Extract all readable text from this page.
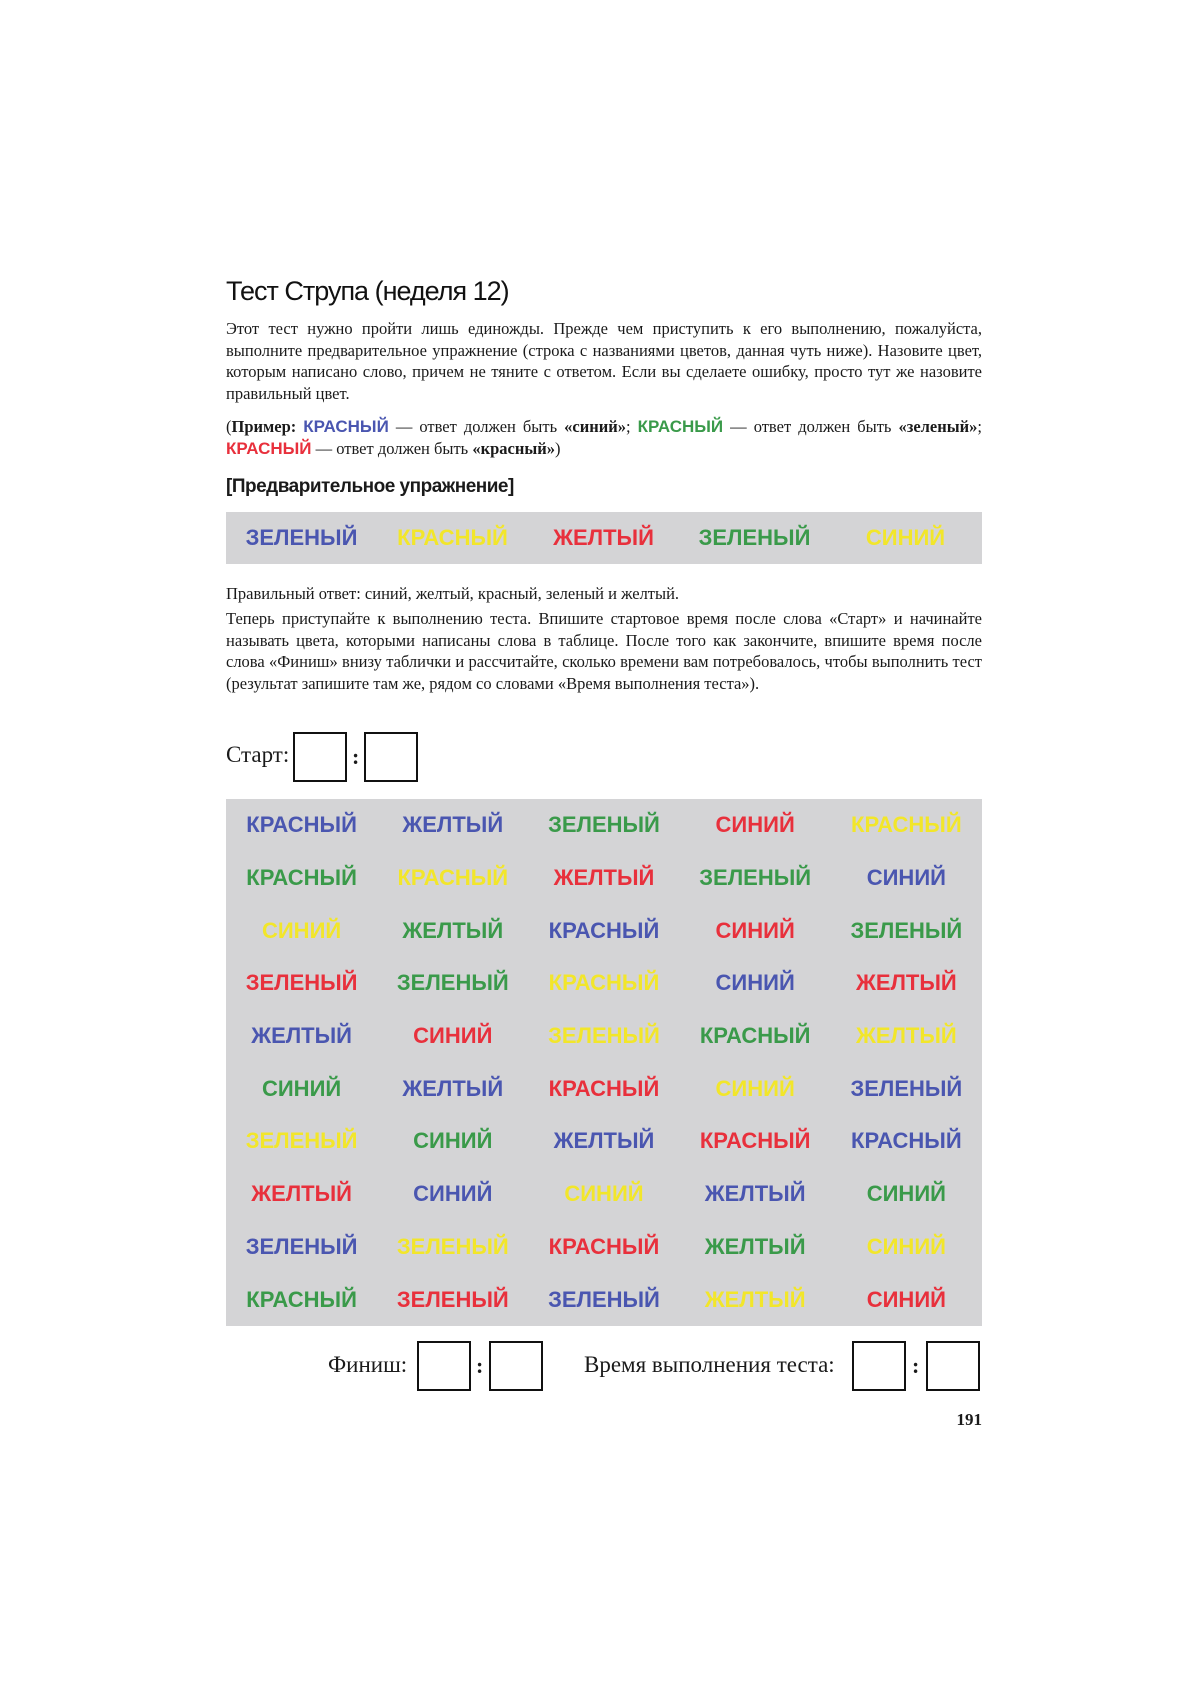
Тест Струпа (неделя 12)

Этот тест нужно пройти лишь единожды. Прежде чем приступить к его выполнению, пожалуйста, выполните предварительное упражнение (строка с названиями цветов, данная чуть ниже). Назовите цвет, которым написано слово, причем не тяните с ответом. Если вы сделаете ошибку, просто тут же назовите правильный цвет.

(Пример: КРАСНЫЙ — ответ должен быть «синий»; КРАСНЫЙ — ответ должен быть «зеленый»; КРАСНЫЙ — ответ должен быть «красный»)

[Предварительное упражнение]
ЗЕЛЕНЫЙ	КРАСНЫЙ	ЖЕЛТЫЙ	ЗЕЛЕНЫЙ	СИНИЙ

Правильный ответ: синий, желтый, красный, зеленый и желтый.

Теперь приступайте к выполнению теста. Впишите стартовое время после слова «Старт» и начинайте называть цвета, которыми написаны слова в таблице. После того как закончите, впишите время после слова «Финиш» внизу таблички и рассчитайте, сколько времени вам потребовалось, чтобы выполнить тест (результат запишите там же, рядом со словами «Время выполнения теста»).

Старт:	:
КРАСНЫЙ	ЖЕЛТЫЙ	ЗЕЛЕНЫЙ	СИНИЙ	КРАСНЫЙ
КРАСНЫЙ	КРАСНЫЙ	ЖЕЛТЫЙ	ЗЕЛЕНЫЙ	СИНИЙ
СИНИЙ	ЖЕЛТЫЙ	КРАСНЫЙ	СИНИЙ	ЗЕЛЕНЫЙ
ЗЕЛЕНЫЙ	ЗЕЛЕНЫЙ	КРАСНЫЙ	СИНИЙ	ЖЕЛТЫЙ
ЖЕЛТЫЙ	СИНИЙ	ЗЕЛЕНЫЙ	КРАСНЫЙ	ЖЕЛТЫЙ
СИНИЙ	ЖЕЛТЫЙ	КРАСНЫЙ	СИНИЙ	ЗЕЛЕНЫЙ
ЗЕЛЕНЫЙ	СИНИЙ	ЖЕЛТЫЙ	КРАСНЫЙ	КРАСНЫЙ
ЖЕЛТЫЙ	СИНИЙ	СИНИЙ	ЖЕЛТЫЙ	СИНИЙ
ЗЕЛЕНЫЙ	ЗЕЛЕНЫЙ	КРАСНЫЙ	ЖЕЛТЫЙ	СИНИЙ
КРАСНЫЙ	ЗЕЛЕНЫЙ	ЗЕЛЕНЫЙ	ЖЕЛТЫЙ	СИНИЙ
Финиш:	:	Время выполнения теста:	:

191
